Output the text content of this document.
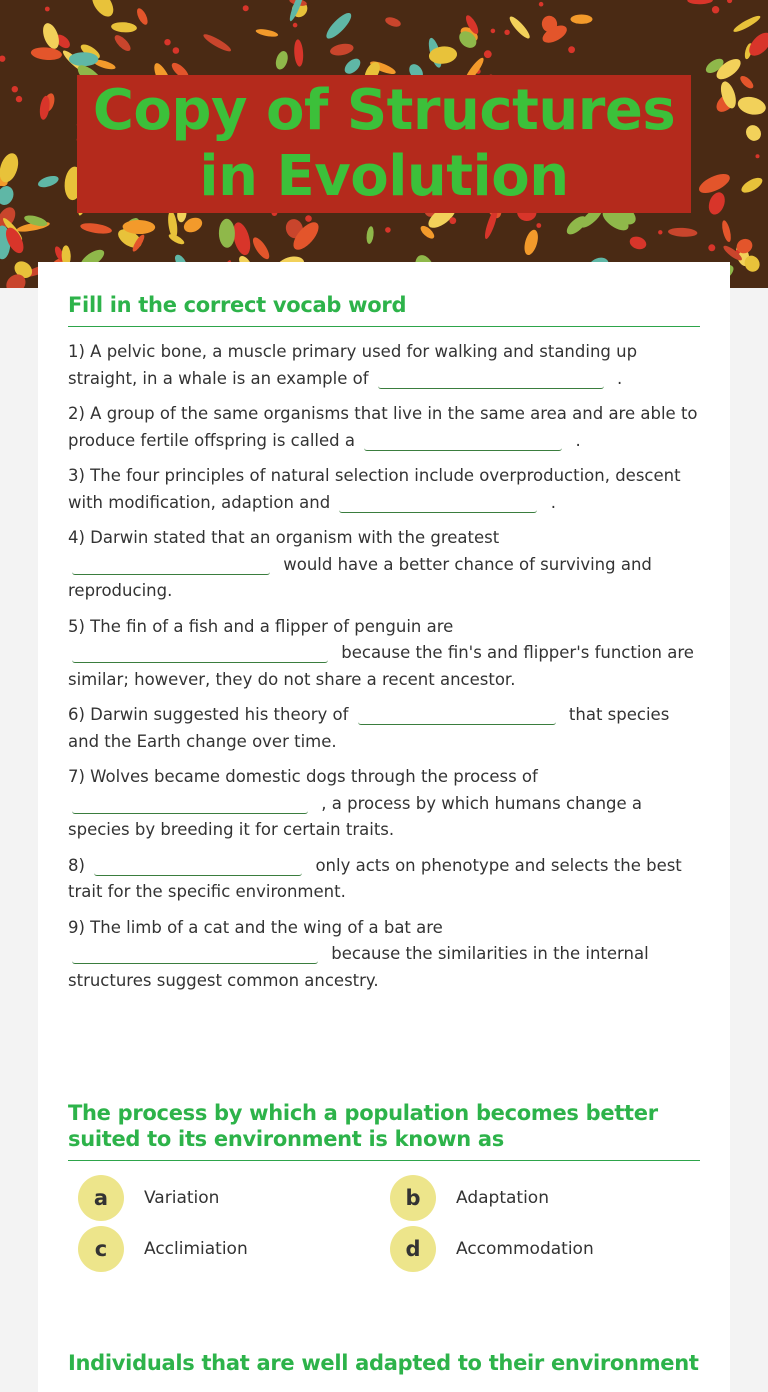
Copy of Structures in Evolution
Fill in the correct vocab word

1) A pelvic bone, a muscle primary used for walking and standing up straight, in a whale is an example of	.

2) A group of the same organisms that live in the same area and are able to produce fertile offspring is called a	.

3) The four principles of natural selection include overproduction, descent with modification, adaption and	.

4) Darwin stated that an organism with the greatest  would have a better chance of surviving and reproducing.

5) The fin of a fish and a flipper of penguin are  because the fin's and flipper's function are similar; however, they do not share a recent ancestor.

6) Darwin suggested his theory of	that species and the Earth change over time.

7) Wolves became domestic dogs through the process of  , a process by which humans change a species by breeding it for certain traits.

8)	only acts on phenotype and selects the best trait for the specific environment.

9) The limb of a cat and the wing of a bat are  because the similarities in the internal structures suggest common ancestry.

The process by which a population becomes better suited to its environment is known as
a	Variation	b	Adaptation
c	Acclimiation	d	Accommodation
Individuals that are well adapted to their environment
